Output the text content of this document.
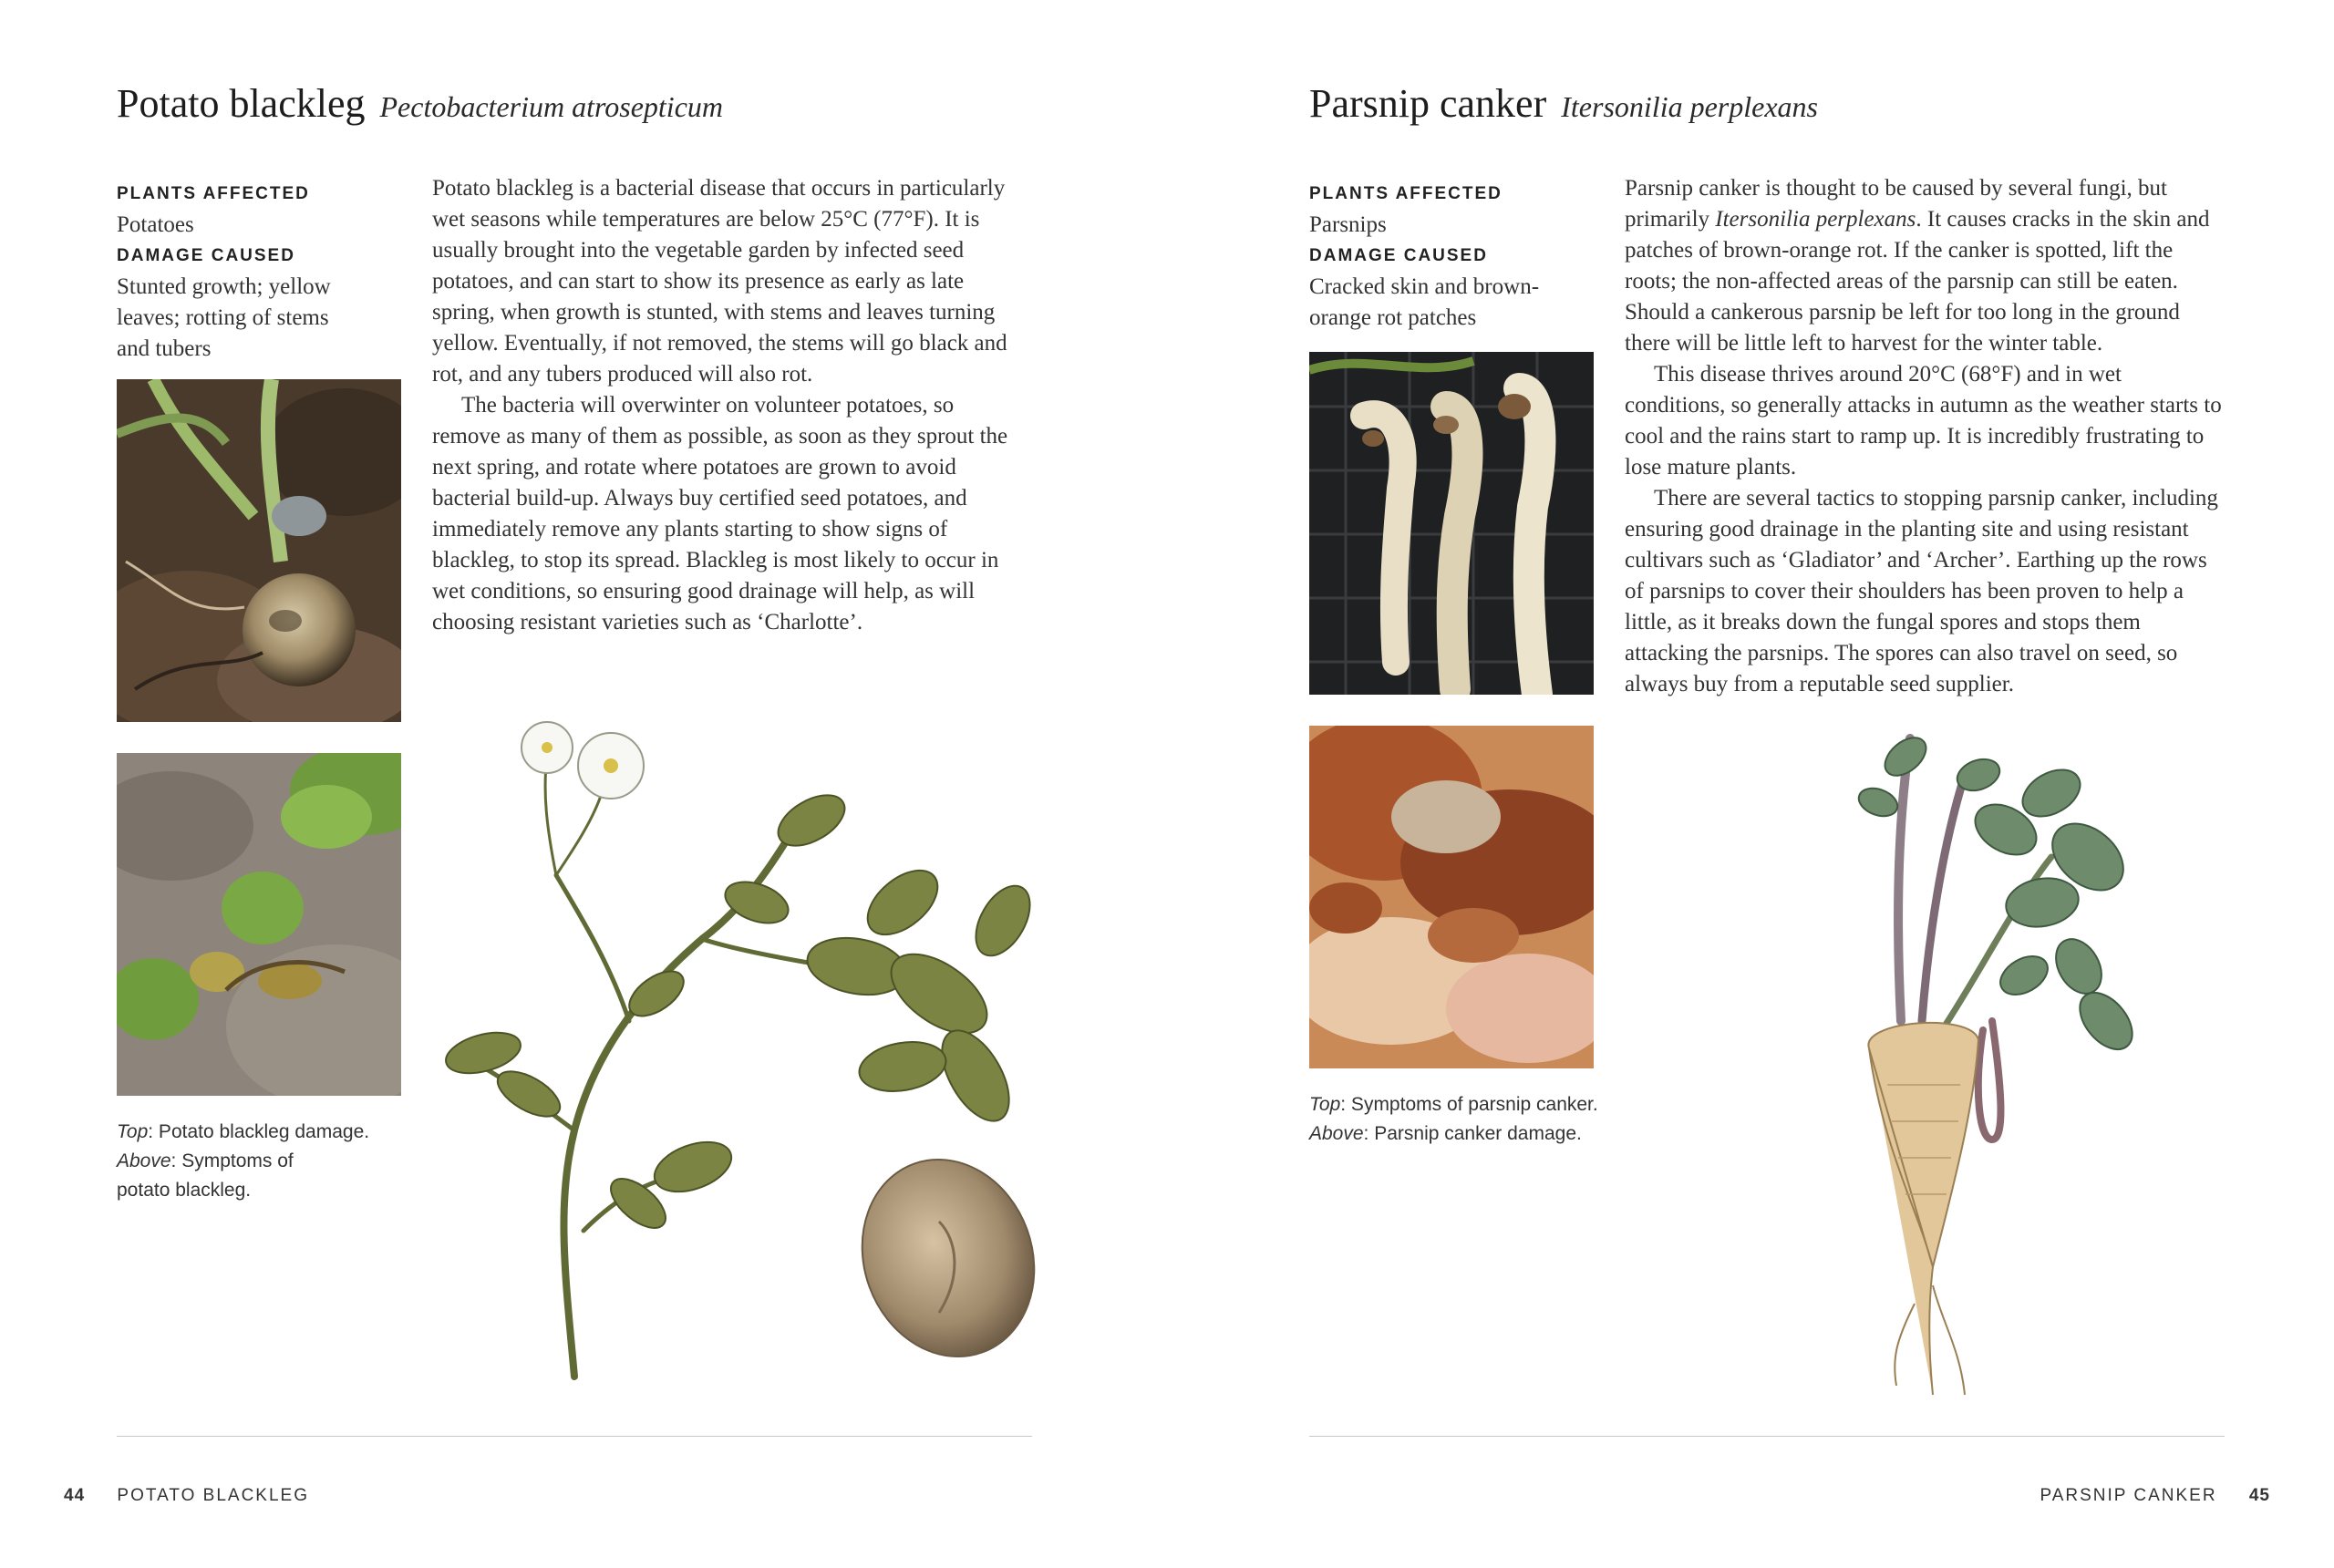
Potato blackleg Pectobacterium atrosepticum

PLANTS AFFECTED

Potatoes

DAMAGE CAUSED

Stunted growth; yellow

leaves; rotting of stems

and tubers

Potato blackleg is a bacterial disease that occurs in particularly wet seasons while temperatures are below 25°C (77°F). It is usually brought into the vegetable garden by infected seed potatoes, and can start to show its presence as early as late spring, when growth is stunted, with stems and leaves turning yellow. Eventually, if not removed, the stems will go black and rot, and any tubers produced will also rot.

The bacteria will overwinter on volunteer potatoes, so remove as many of them as possible, as soon as they sprout the next spring, and rotate where potatoes are grown to avoid bacterial build-up. Always buy certified seed potatoes, and immediately remove any plants starting to show signs of blackleg, to stop its spread. Blackleg is most likely to occur in wet conditions, so ensuring good drainage will help, as will choosing resistant varieties such as ‘Charlotte’.

Top: Potato blackleg damage.
Above: Symptoms of
potato blackleg.

44 POTATO BLACKLEG
Parsnip canker Itersonilia perplexans

PLANTS AFFECTED

Parsnips

DAMAGE CAUSED

Cracked skin and brown-

orange rot patches

Parsnip canker is thought to be caused by several fungi, but primarily Itersonilia perplexans. It causes cracks in the skin and patches of brown-orange rot. If the canker is spotted, lift the roots; the non-affected areas of the parsnip can still be eaten. Should a cankerous parsnip be left for too long in the ground there will be little left to harvest for the winter table.

This disease thrives around 20°C (68°F) and in wet conditions, so generally attacks in autumn as the weather starts to cool and the rains start to ramp up. It is incredibly frustrating to lose mature plants.

There are several tactics to stopping parsnip canker, including ensuring good drainage in the planting site and using resistant cultivars such as ‘Gladiator’ and ‘Archer’. Earthing up the rows of parsnips to cover their shoulders has been proven to help a little, as it breaks down the fungal spores and stops them attacking the parsnips. The spores can also travel on seed, so always buy from a reputable seed supplier.

Top: Symptoms of parsnip canker.
Above: Parsnip canker damage.

PARSNIP CANKER 45
